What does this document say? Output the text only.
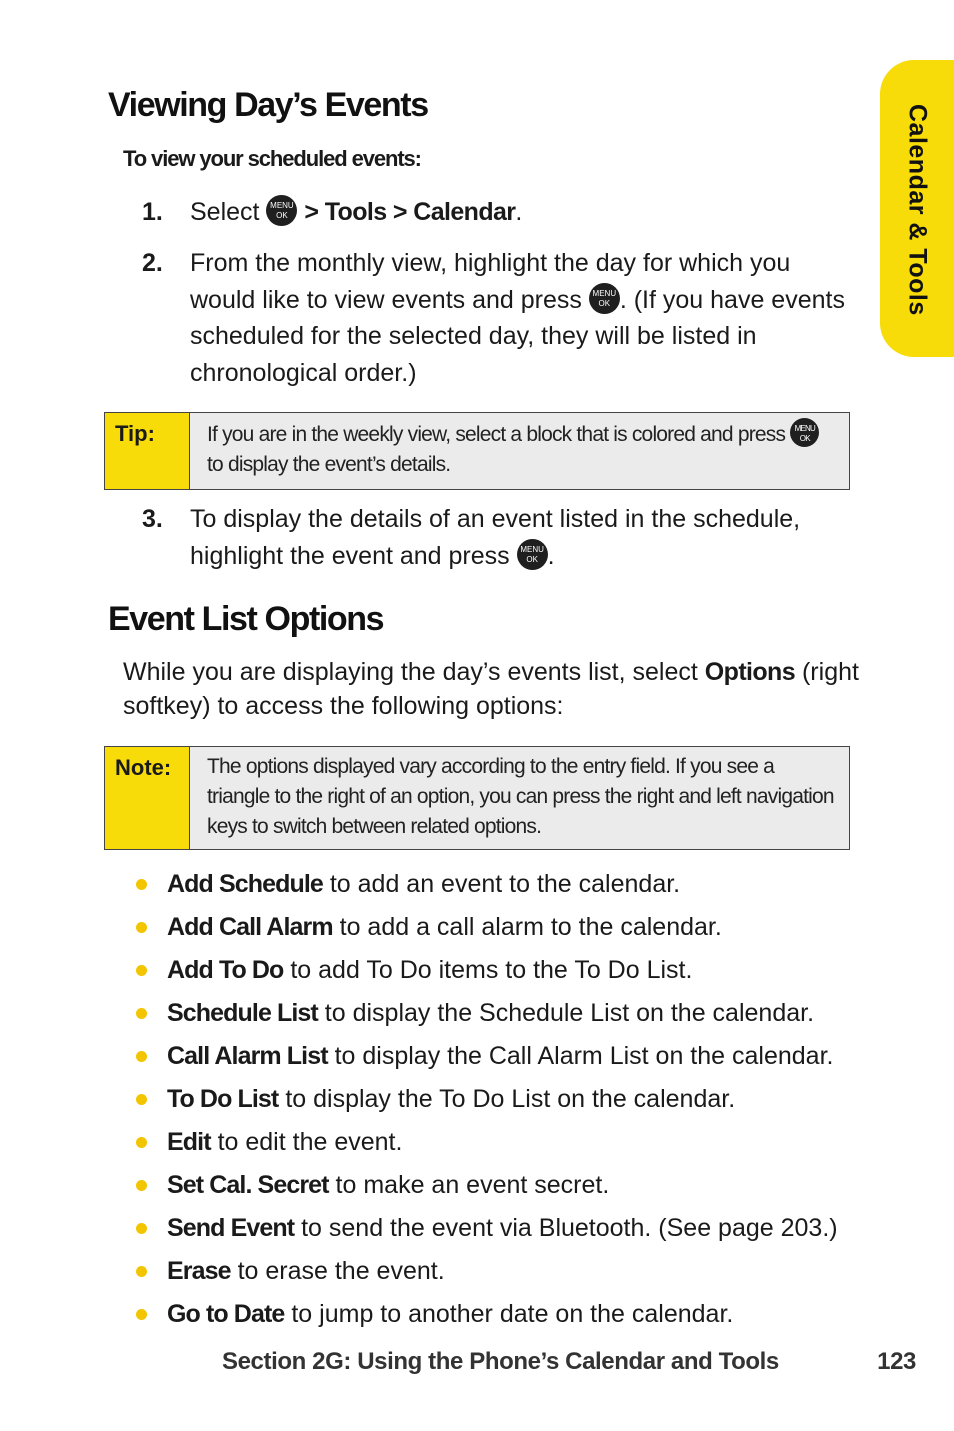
Calendar & Tools
Viewing Day’s Events

To view your scheduled events:

1. Select	MENU
OK > Tools > Calendar.
2. From the monthly view, highlight the day for which you would like to view events and press	MENU
OK . (If you have events scheduled for the selected day, they will be listed in chronological order.)
Tip:	If you are in the weekly view, select a block that is colored and press	MENU
OK
to display the event’s details.
3. To display the details of an event listed in the schedule, highlight the event and press	MENU
OK .
Event List Options
While you are displaying the day’s events list, select Options (right softkey) to access the following options:
Note:	The options displayed vary according to the entry field. If you see a triangle to the right of an option, you can press the right and left navigation keys to switch between related options.
Add Schedule to add an event to the calendar.
Add Call Alarm to add a call alarm to the calendar.
Add To Do to add To Do items to the To Do List.
Schedule List to display the Schedule List on the calendar.
Call Alarm List to display the Call Alarm List on the calendar.
To Do List to display the To Do List on the calendar.
Edit to edit the event.
Set Cal. Secret to make an event secret.
Send Event to send the event via Bluetooth. (See page 203.)
Erase to erase the event.
Go to Date to jump to another date on the calendar.
Section 2G: Using the Phone’s Calendar and Tools	123
